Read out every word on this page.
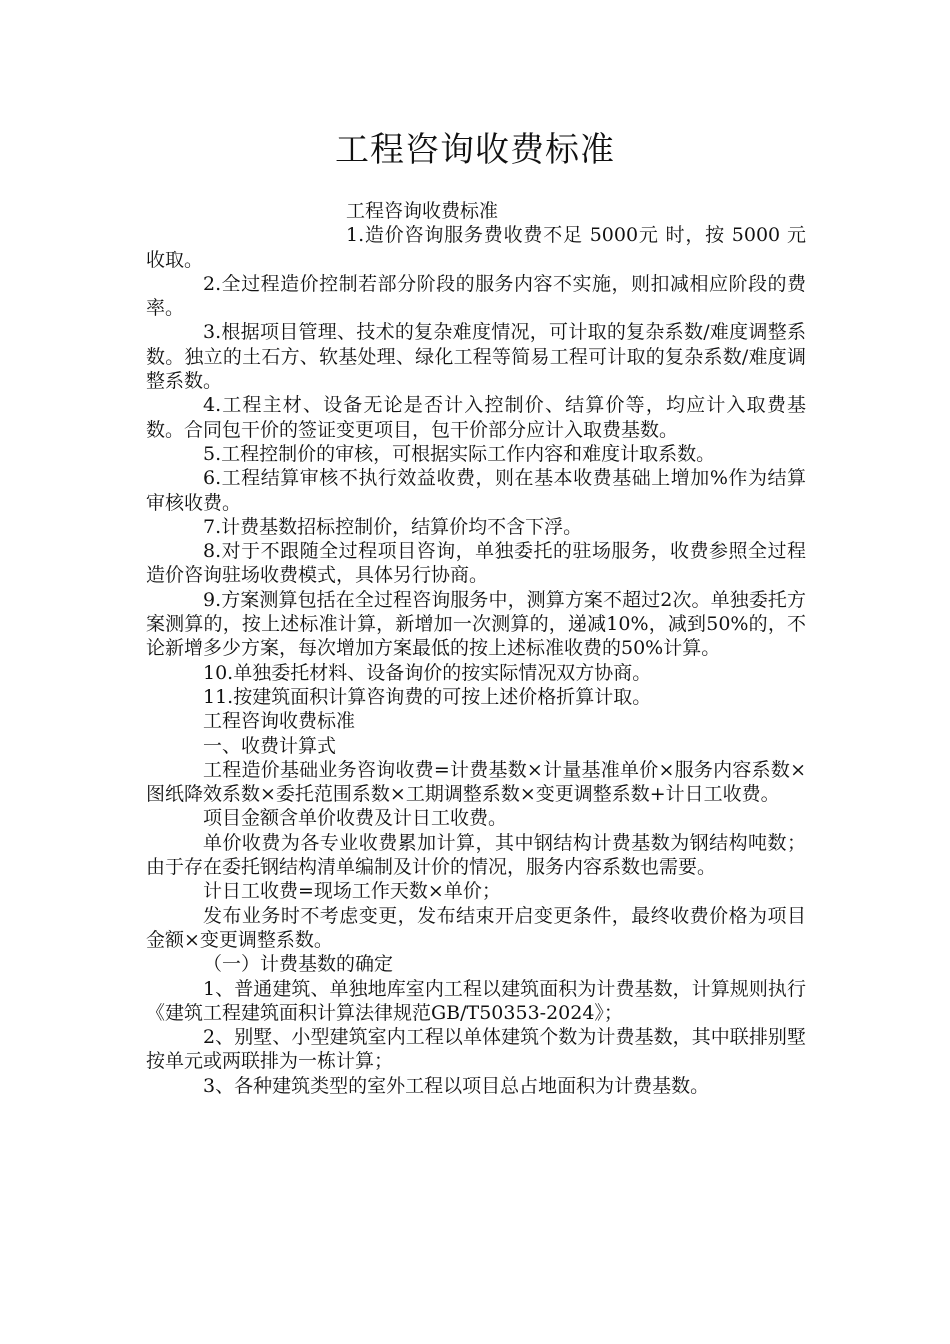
工程咨询收费标准

工程咨询收费标准

1.造价咨询服务费收费不足 5000元 时，按 5000 元收取。

2.全过程造价控制若部分阶段的服务内容不实施，则扣减相应阶段的费率。

3.根据项目管理、技术的复杂难度情况，可计取的复杂系数/难度调整系数。独立的土石方、软基处理、绿化工程等简易工程可计取的复杂系数/难度调整系数。

4.工程主材、设备无论是否计入控制价、结算价等，均应计入取费基数。合同包干价的签证变更项目，包干价部分应计入取费基数。

5.工程控制价的审核，可根据实际工作内容和难度计取系数。

6.工程结算审核不执行效益收费，则在基本收费基础上增加%作为结算审核收费。

7.计费基数招标控制价，结算价均不含下浮。

8.对于不跟随全过程项目咨询，单独委托的驻场服务，收费参照全过程造价咨询驻场收费模式，具体另行协商。

9.方案测算包括在全过程咨询服务中，测算方案不超过2次。单独委托方案测算的，按上述标准计算，新增加一次测算的，递减10%，减到50%的，不论新增多少方案，每次增加方案最低的按上述标准收费的50%计算。

10.单独委托材料、设备询价的按实际情况双方协商。

11.按建筑面积计算咨询费的可按上述价格折算计取。

工程咨询收费标准

一、收费计算式

工程造价基础业务咨询收费=计费基数×计量基准单价×服务内容系数×图纸降效系数×委托范围系数×工期调整系数×变更调整系数+计日工收费。

项目金额含单价收费及计日工收费。

单价收费为各专业收费累加计算，其中钢结构计费基数为钢结构吨数；由于存在委托钢结构清单编制及计价的情况，服务内容系数也需要。

计日工收费=现场工作天数×单价；

发布业务时不考虑变更，发布结束开启变更条件，最终收费价格为项目金额×变更调整系数。

（一）计费基数的确定

1、普通建筑、单独地库室内工程以建筑面积为计费基数，计算规则执行《建筑工程建筑面积计算法律规范GB/T50353-2024》；

2、别墅、小型建筑室内工程以单体建筑个数为计费基数，其中联排别墅按单元或两联排为一栋计算；

3、各种建筑类型的室外工程以项目总占地面积为计费基数。
